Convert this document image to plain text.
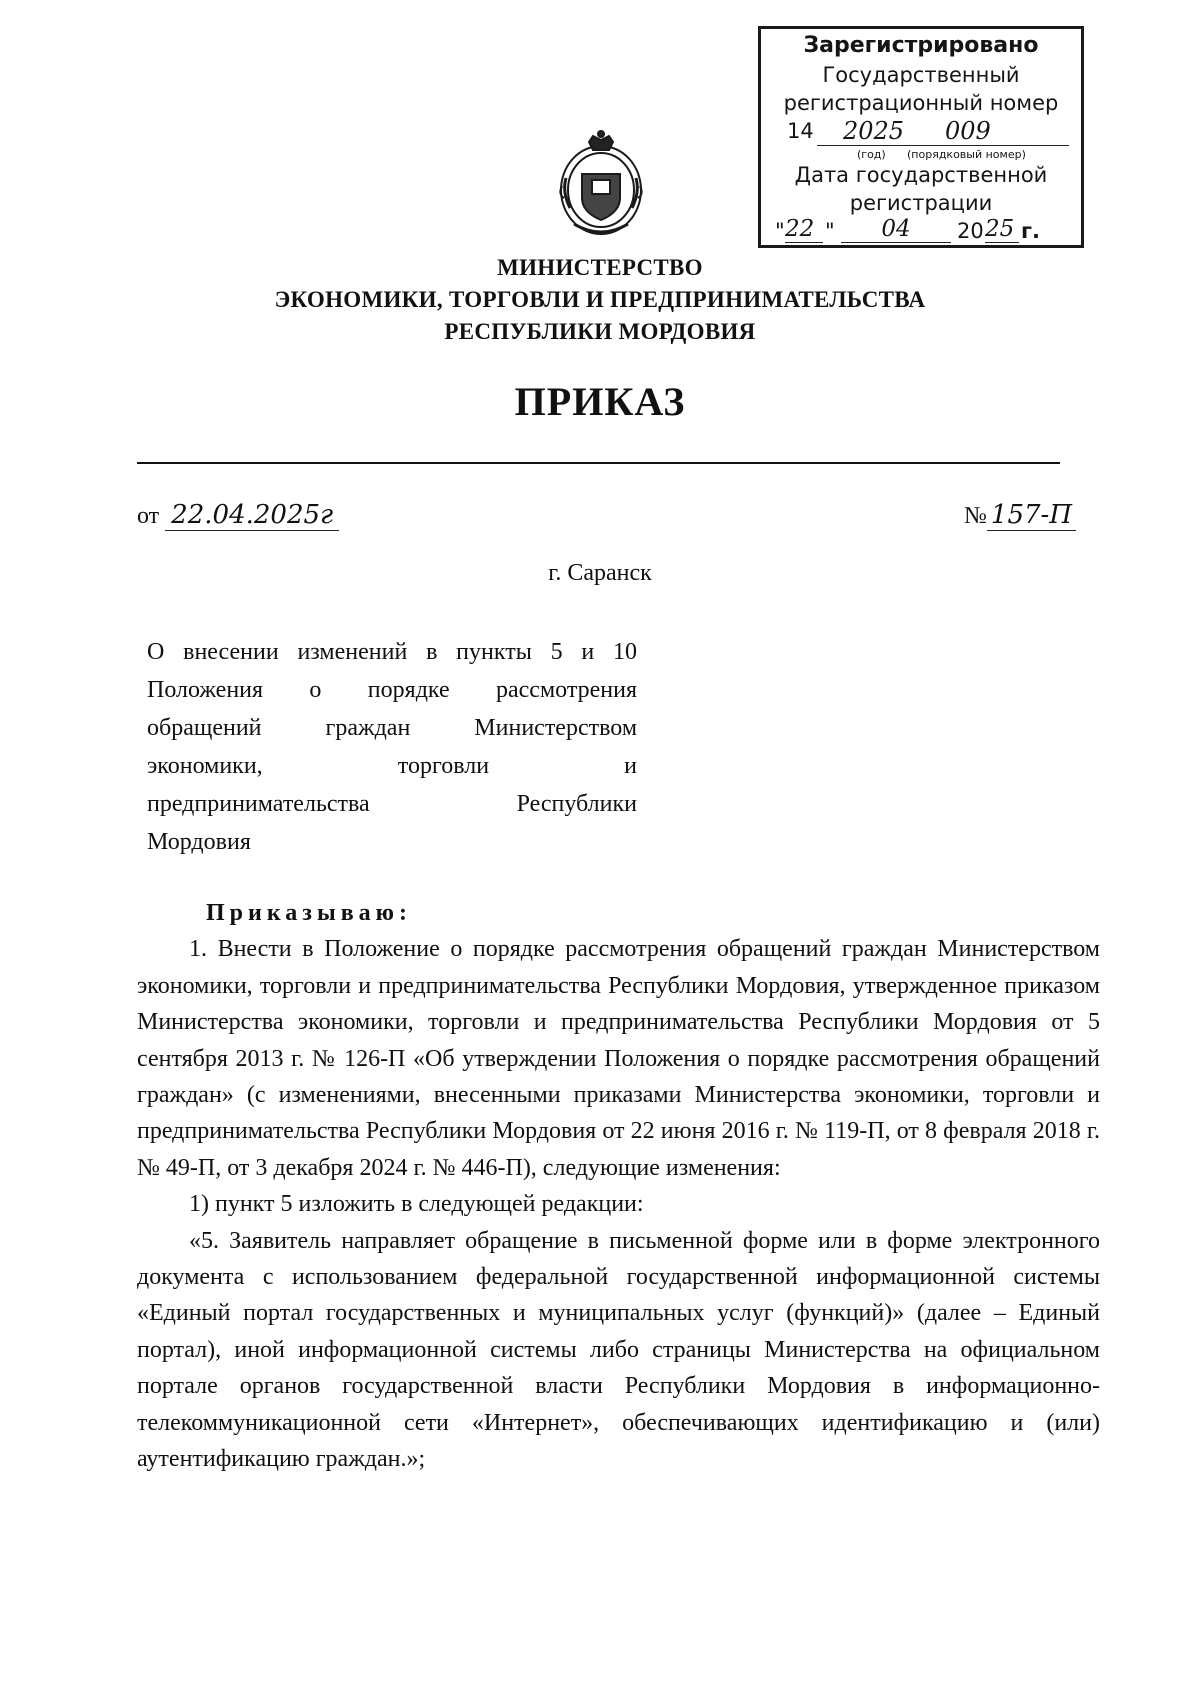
Зарегистрировано
Государственный
регистрационный номер
14 2025 009
(год) (порядковый номер)
Дата государственной
регистрации
" 22 "	04	20 25 г.
МИНИСТЕРСТВО
ЭКОНОМИКИ, ТОРГОВЛИ И ПРЕДПРИНИМАТЕЛЬСТВА
РЕСПУБЛИКИ МОРДОВИЯ
ПРИКАЗ
от 22.04.2025г	№ 157-П
г. Саранск
О внесении изменений в пункты 5 и 10
Положения о порядке рассмотрения
обращений граждан Министерством
экономики, торговли и
предпринимательства Республики
Мордовия
Приказываю:

1. Внести в Положение о порядке рассмотрения обращений граждан Министерством экономики, торговли и предпринимательства Республики Мордовия, утвержденное приказом Министерства экономики, торговли и предпринимательства Республики Мордовия от 5 сентября 2013 г. № 126-П «Об утверждении Положения о порядке рассмотрения обращений граждан» (с изменениями, внесенными приказами Министерства экономики, торговли и предпринимательства Республики Мордовия от 22 июня 2016 г. № 119-П, от 8 февраля 2018 г. № 49-П, от 3 декабря 2024 г. № 446-П), следующие изменения:

1) пункт 5 изложить в следующей редакции:

«5. Заявитель направляет обращение в письменной форме или в форме электронного документа с использованием федеральной государственной информационной системы «Единый портал государственных и муниципальных услуг (функций)» (далее – Единый портал), иной информационной системы либо страницы Министерства на официальном портале органов государственной власти Республики Мордовия в информационно-телекоммуникационной сети «Интернет», обеспечивающих идентификацию и (или) аутентификацию граждан.»;
